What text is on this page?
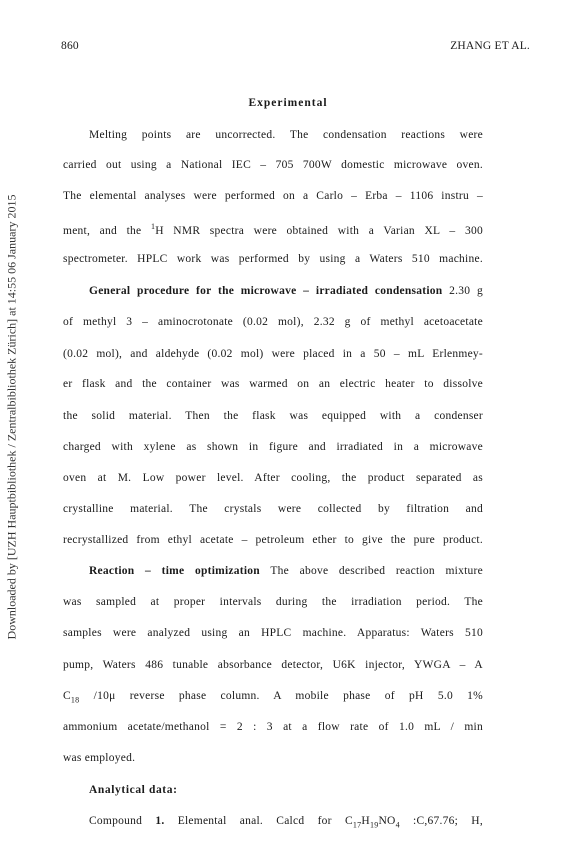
860	ZHANG ET AL.
Downloaded by [UZH Hauptbibliothek / Zentralbibliothek Zürich] at 14:55 06 January 2015
Experimental
Melting points are uncorrected. The condensation reactions were
carried out using a National IEC – 705 700W domestic microwave oven.
The elemental analyses were performed on a Carlo – Erba – 1106 instru –
ment, and the $^1$H NMR spectra were obtained with a Varian XL – 300
spectrometer. HPLC work was performed by using a Waters 510 machine.
General procedure for the microwave – irradiated condensation 2.30 g
of methyl 3 – aminocrotonate (0.02 mol), 2.32 g of methyl acetoacetate
(0.02 mol), and aldehyde (0.02 mol) were placed in a 50 – mL Erlenmey-
er flask and the container was warmed on an electric heater to dissolve
the solid material. Then the flask was equipped with a condenser
charged with xylene as shown in figure and irradiated in a microwave
oven at M. Low power level. After cooling, the product separated as
crystalline material. The crystals were collected by filtration and
recrystallized from ethyl acetate – petroleum ether to give the pure product.
Reaction – time optimization The above described reaction mixture
was sampled at proper intervals during the irradiation period. The
samples were analyzed using an HPLC machine. Apparatus: Waters 510
pump, Waters 486 tunable absorbance detector, U6K injector, YWGA – A
$C_{18}$ /10μ reverse phase column. A mobile phase of pH 5.0 1%
ammonium acetate/methanol = 2 : 3 at a flow rate of 1.0 mL / min
was employed.
Analytical data:
Compound 1. Elemental anal. Calcd for $C_{17}H_{19}NO_4$ :C,67.76; H,
